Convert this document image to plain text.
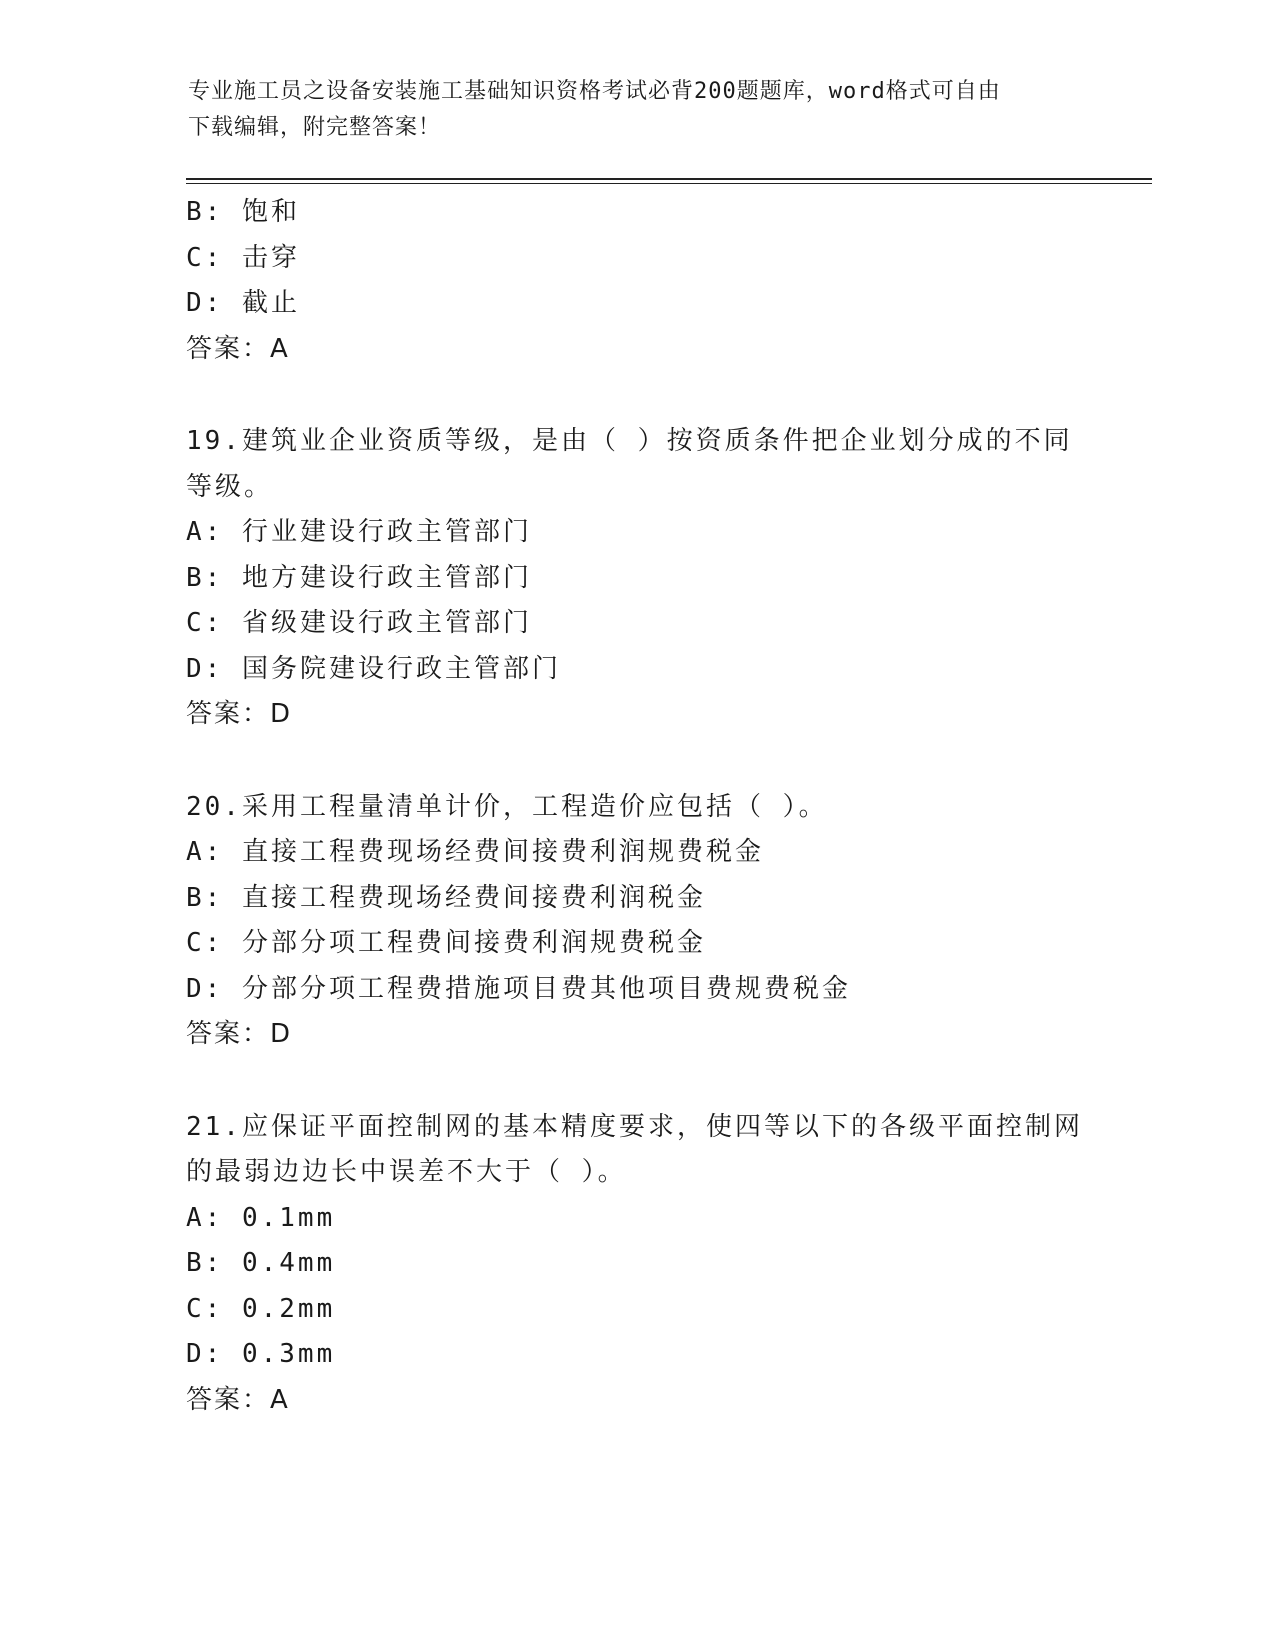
专业施工员之设备安装施工基础知识资格考试必背200题题库，word格式可自由
下载编辑，附完整答案！
B: 饱和
C: 击穿
D: 截止
答案：A
19.建筑业企业资质等级，是由（ ）按资质条件把企业划分成的不同
等级。
A: 行业建设行政主管部门
B: 地方建设行政主管部门
C: 省级建设行政主管部门
D: 国务院建设行政主管部门
答案：D
20.采用工程量清单计价，工程造价应包括（ ）。
A: 直接工程费现场经费间接费利润规费税金
B: 直接工程费现场经费间接费利润税金
C: 分部分项工程费间接费利润规费税金
D: 分部分项工程费措施项目费其他项目费规费税金
答案：D
21.应保证平面控制网的基本精度要求，使四等以下的各级平面控制网
的最弱边边长中误差不大于（ ）。
A: 0.1mm
B: 0.4mm
C: 0.2mm
D: 0.3mm
答案：A
